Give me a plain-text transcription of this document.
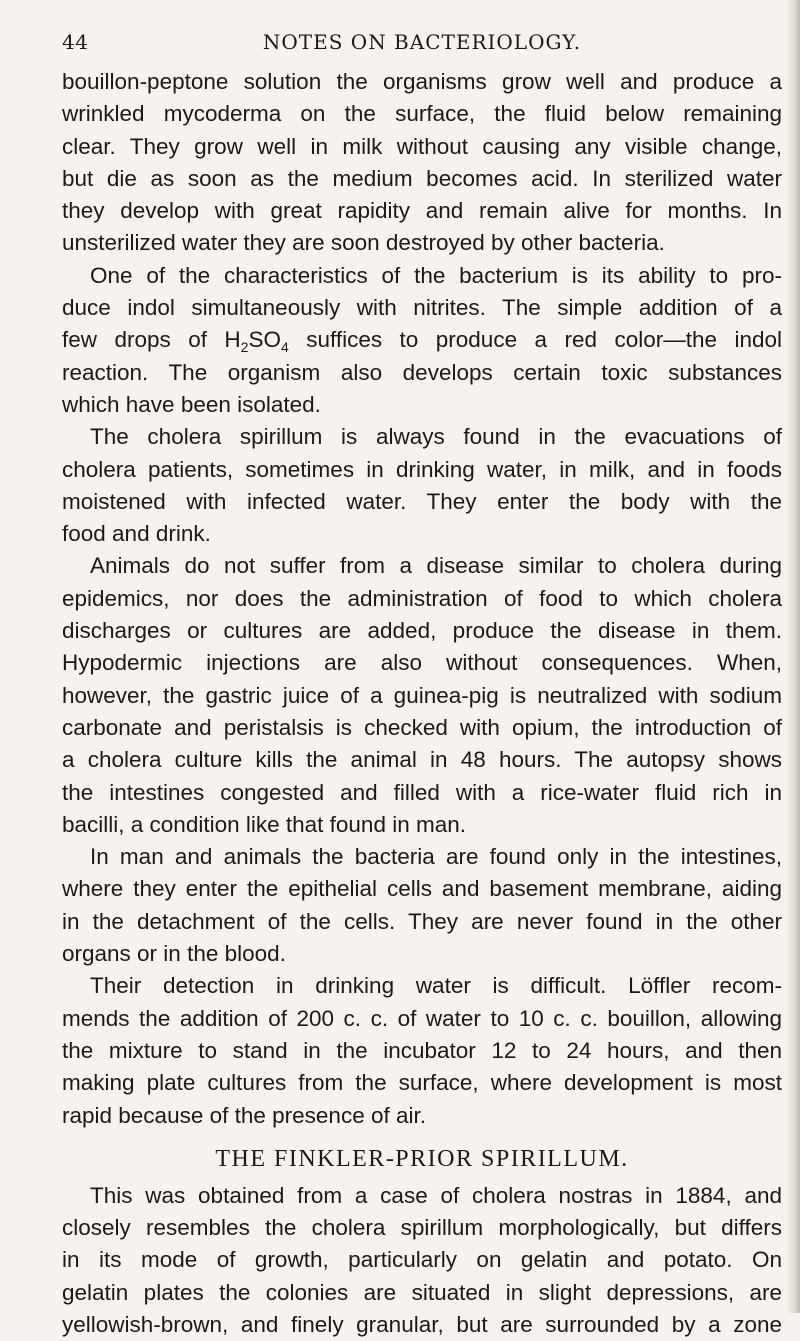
44	NOTES ON BACTERIOLOGY.
bouillon-peptone solution the organisms grow well and produce a
wrinkled mycoderma on the surface, the fluid below remaining
clear. They grow well in milk without causing any visible change,
but die as soon as the medium becomes acid. In sterilized water
they develop with great rapidity and remain alive for months. In
unsterilized water they are soon destroyed by other bacteria.
One of the characteristics of the bacterium is its ability to pro-
duce indol simultaneously with nitrites. The simple addition of a
few drops of $H_2SO_4$ suffices to produce a red color—the indol
reaction. The organism also develops certain toxic substances
which have been isolated.
The cholera spirillum is always found in the evacuations of
cholera patients, sometimes in drinking water, in milk, and in foods
moistened with infected water. They enter the body with the
food and drink.
Animals do not suffer from a disease similar to cholera during
epidemics, nor does the administration of food to which cholera
discharges or cultures are added, produce the disease in them.
Hypodermic injections are also without consequences. When,
however, the gastric juice of a guinea-pig is neutralized with sodium
carbonate and peristalsis is checked with opium, the introduction of
a cholera culture kills the animal in 48 hours. The autopsy shows
the intestines congested and filled with a rice-water fluid rich in
bacilli, a condition like that found in man.
In man and animals the bacteria are found only in the intestines,
where they enter the epithelial cells and basement membrane, aiding
in the detachment of the cells. They are never found in the other
organs or in the blood.
Their detection in drinking water is difficult. Löffler recom-
mends the addition of 200 c. c. of water to 10 c. c. bouillon, allowing
the mixture to stand in the incubator 12 to 24 hours, and then
making plate cultures from the surface, where development is most
rapid because of the presence of air.
THE FINKLER-PRIOR SPIRILLUM.
This was obtained from a case of cholera nostras in 1884, and
closely resembles the cholera spirillum morphologically, but differs
in its mode of growth, particularly on gelatin and potato. On
gelatin plates the colonies are situated in slight depressions, are
yellowish-brown, and finely granular, but are surrounded by a zone
